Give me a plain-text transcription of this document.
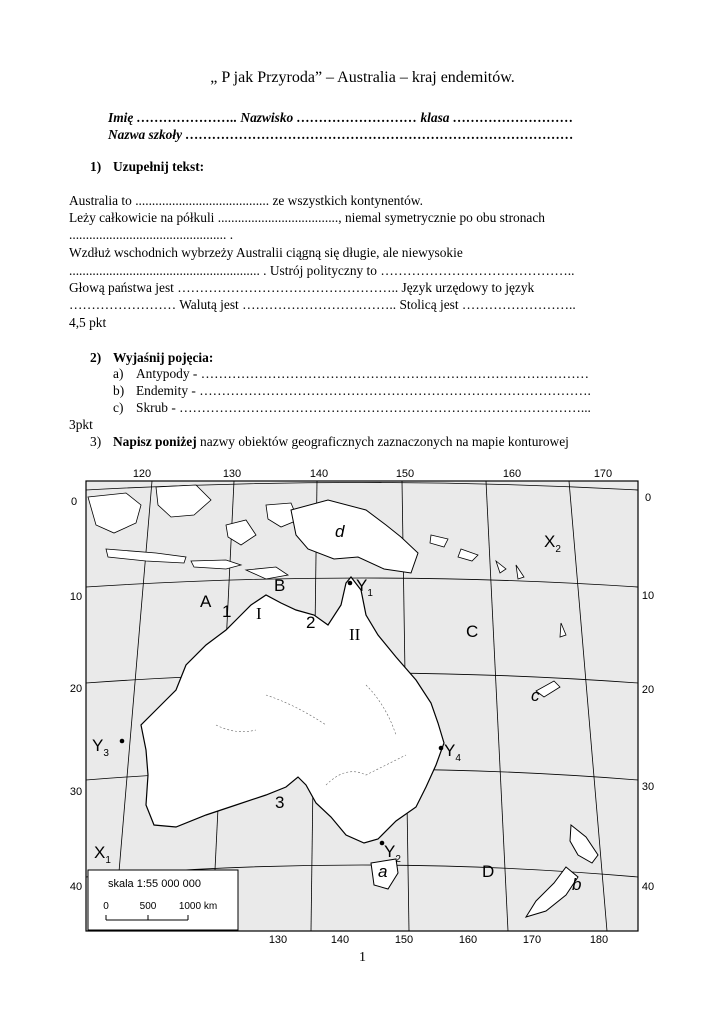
„ P jak Przyroda” – Australia – kraj endemitów.
Imię ………………….. Nazwisko ……………………… klasa ………………………
Nazwa szkoły ……………………………………………………………………………
1) Uzupełnij tekst:
Australia to ........................................ ze wszystkich kontynentów.
Leży całkowicie na półkuli ...................................., niemal symetrycznie po obu stronach
............................................... .
Wzdłuż wschodnich wybrzeży Australii ciągną się długie, ale niewysokie
......................................................... . Ustrój polityczny to ……………………………………..
Głową państwa jest ………………………………………….. Język urzędowy to język
…………………… Walutą jest …………………………….. Stolicą jest ……………………..
4,5 pkt
2) Wyjaśnij pojęcia:
a) Antypody - ……………………………………………………………………………
b) Endemity - …………………………………………………………………………….
c) Skrub - ………………………………………………………………………………...
3pkt
3) Napisz poniżej nazwy obiektów geograficznych zaznaczonych na mapie konturowej
120	130	140	150	160	170
130	140	150	160	170	180
0
10
20
30
40
0
10
20
30
40
A
B
C
D
1
2
3
I
II
a
b
c
d
$X_1$
$X_2$
$Y_1$
$Y_2$
$Y_3$	$Y_4$
skala 1:55 000 000
0	500 1000 km
1
